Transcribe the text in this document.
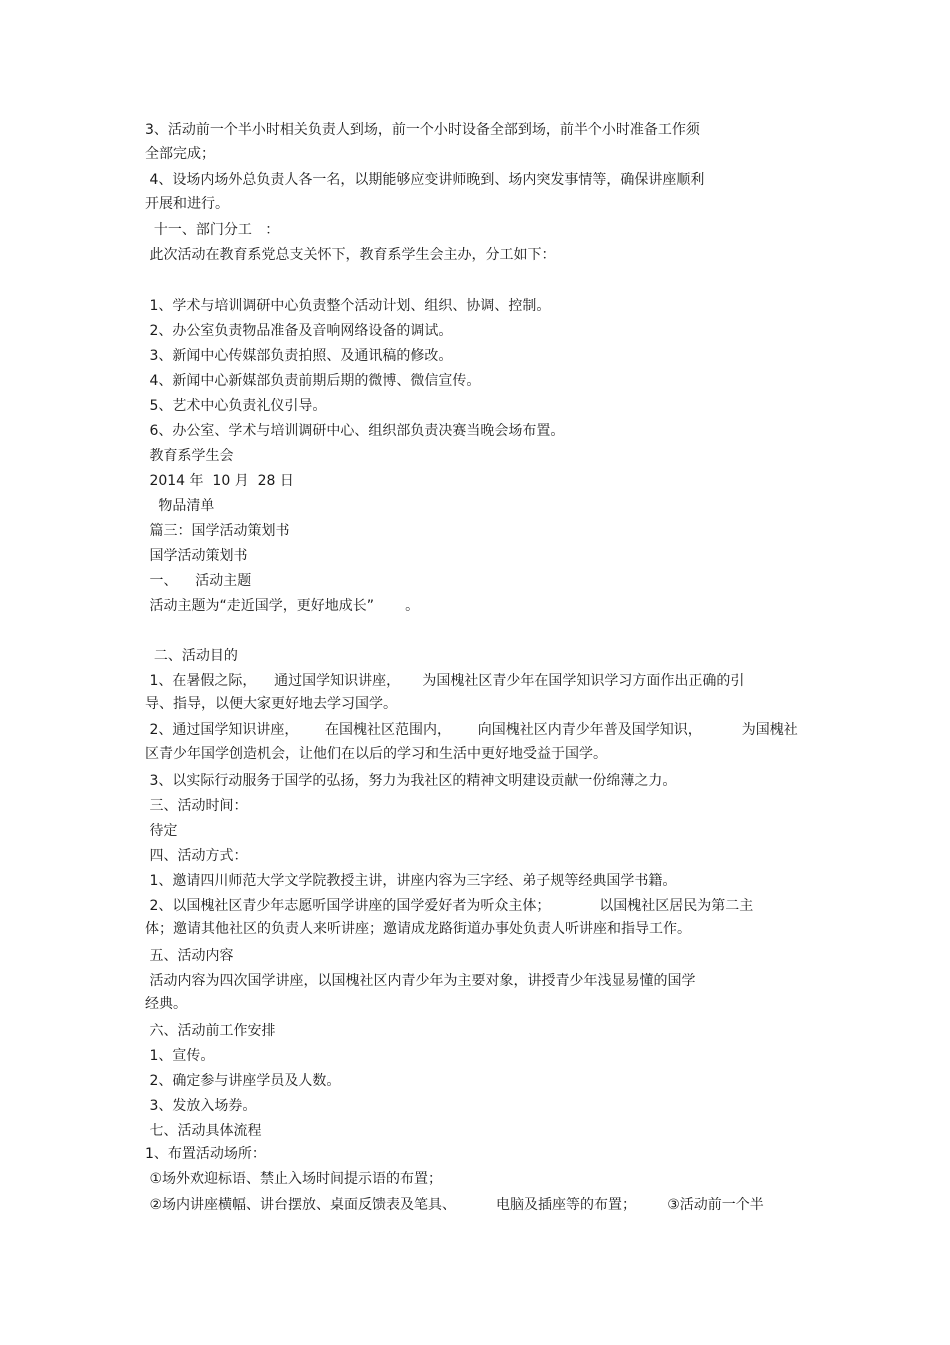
3、活动前一个半小时相关负责人到场，前一个小时设备全部到场，前半个小时准备工作须
全部完成；
4、设场内场外总负责人各一名，以期能够应变讲师晚到、场内突发事情等，确保讲座顺利
开展和进行。
十一、部门分工   ：
此次活动在教育系党总支关怀下，教育系学生会主办，分工如下：
1、学术与培训调研中心负责整个活动计划、组织、协调、控制。
2、办公室负责物品准备及音响网络设备的调试。
3、新闻中心传媒部负责拍照、及通讯稿的修改。
4、新闻中心新媒部负责前期后期的微博、微信宣传。
5、艺术中心负责礼仪引导。
6、办公室、学术与培训调研中心、组织部负责决赛当晚会场布置。
教育系学生会
2014 年  10 月  28 日
物品清单
篇三：国学活动策划书
国学活动策划书
一、    活动主题
活动主题为“走近国学，更好地成长”       。
二、活动目的
1、在暑假之际，    通过国学知识讲座，     为国槐社区青少年在国学知识学习方面作出正确的引
导、指导，以便大家更好地去学习国学。
2、通过国学知识讲座，      在国槐社区范围内，      向国槐社区内青少年普及国学知识，         为国槐社
区青少年国学创造机会，让他们在以后的学习和生活中更好地受益于国学。
3、以实际行动服务于国学的弘扬，努力为我社区的精神文明建设贡献一份绵薄之力。
三、活动时间：
待定
四、活动方式：
1、邀请四川师范大学文学院教授主讲，讲座内容为三字经、弟子规等经典国学书籍。
2、以国槐社区青少年志愿听国学讲座的国学爱好者为听众主体；           以国槐社区居民为第二主
体；邀请其他社区的负责人来听讲座；邀请成龙路街道办事处负责人听讲座和指导工作。
五、活动内容
活动内容为四次国学讲座，以国槐社区内青少年为主要对象，讲授青少年浅显易懂的国学
经典。
六、活动前工作安排
1、宣传。
2、确定参与讲座学员及人数。
3、发放入场券。
七、活动具体流程
1、布置活动场所：
①场外欢迎标语、禁止入场时间提示语的布置；
②场内讲座横幅、讲台摆放、桌面反馈表及笔具、         电脑及插座等的布置；       ③活动前一个半
